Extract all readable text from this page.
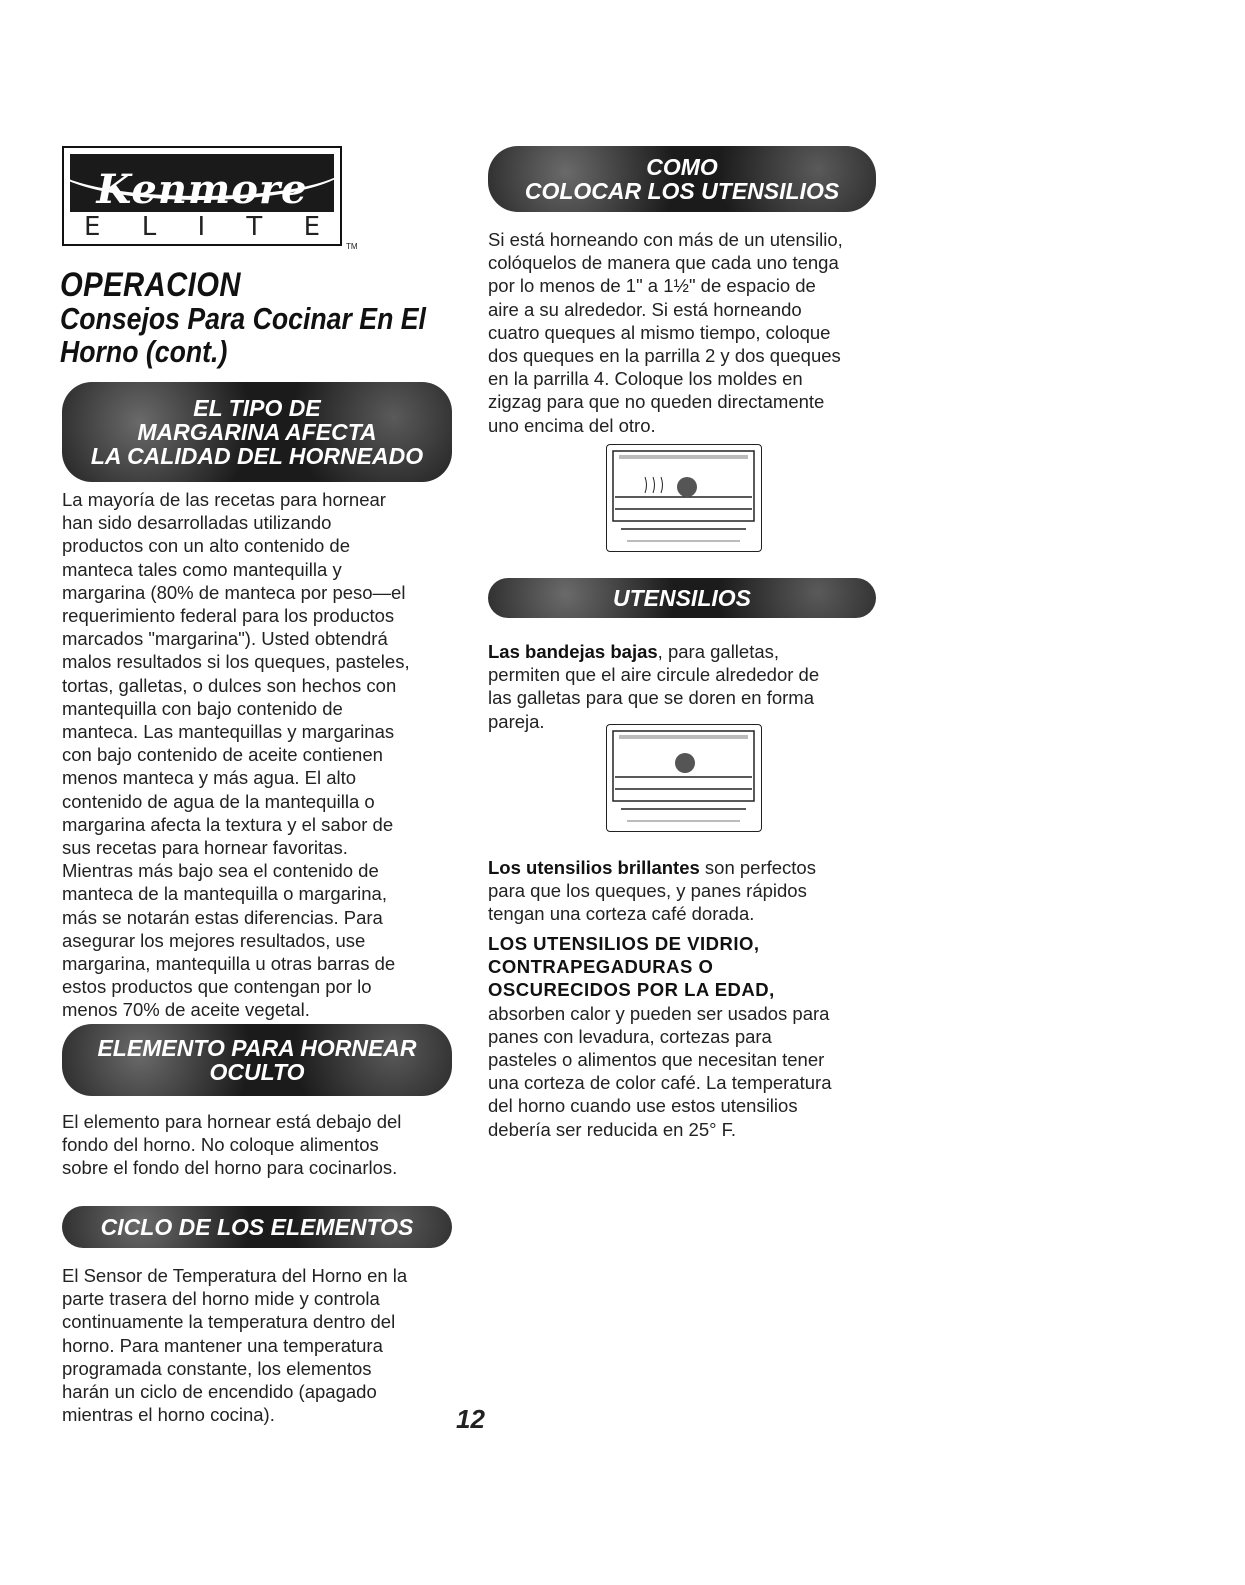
Kenmore
E L I T E
TM
OPERACION
Consejos Para Cocinar En El
Horno (cont.)
EL TIPO DE
MARGARINA AFECTA
LA CALIDAD DEL HORNEADO
La mayoría de las recetas para hornear
han sido desarrolladas utilizando
productos con un alto contenido de
manteca tales como mantequilla y
margarina (80% de manteca por peso—el
requerimiento federal para los productos
marcados "margarina"). Usted obtendrá
malos resultados si los queques, pasteles,
tortas, galletas, o dulces son hechos con
mantequilla con bajo contenido de
manteca. Las mantequillas y margarinas
con bajo contenido de aceite contienen
menos manteca y más agua. El alto
contenido de agua de la mantequilla o
margarina afecta la textura y el sabor de
sus recetas para hornear favoritas.
Mientras más bajo sea el contenido de
manteca de la mantequilla o margarina,
más se notarán estas diferencias. Para
asegurar los mejores resultados, use
margarina, mantequilla u otras barras de
estos productos que contengan por lo
menos 70% de aceite vegetal.
ELEMENTO PARA HORNEAR
OCULTO
El elemento para hornear está debajo del
fondo del horno. No coloque alimentos
sobre el fondo del horno para cocinarlos.
CICLO DE LOS ELEMENTOS
El Sensor de Temperatura del Horno en la
parte trasera del horno mide y controla
continuamente la temperatura dentro del
horno. Para mantener una temperatura
programada constante, los elementos
harán un ciclo de encendido (apagado
mientras el horno cocina).
COMO
COLOCAR LOS UTENSILIOS
Si está horneando con más de un utensilio,
colóquelos de manera que cada uno tenga
por lo menos de 1" a 1½" de espacio de
aire a su alrededor. Si está horneando
cuatro queques al mismo tiempo, coloque
dos queques en la parrilla 2 y dos queques
en la parrilla 4. Coloque los moldes en
zigzag para que no queden directamente
uno encima del otro.
UTENSILIOS
Las bandejas bajas, para galletas,
permiten que el aire circule alrededor de
las galletas para que se doren en forma
pareja.
Los utensilios brillantes son perfectos
para que los queques, y panes rápidos
tengan una corteza café dorada.
LOS UTENSILIOS DE VIDRIO,
CONTRAPEGADURAS O
OSCURECIDOS POR LA EDAD,
absorben calor y pueden ser usados para
panes con levadura, cortezas para
pasteles o alimentos que necesitan tener
una corteza de color café. La temperatura
del horno cuando use estos utensilios
debería ser reducida en 25° F.
12
